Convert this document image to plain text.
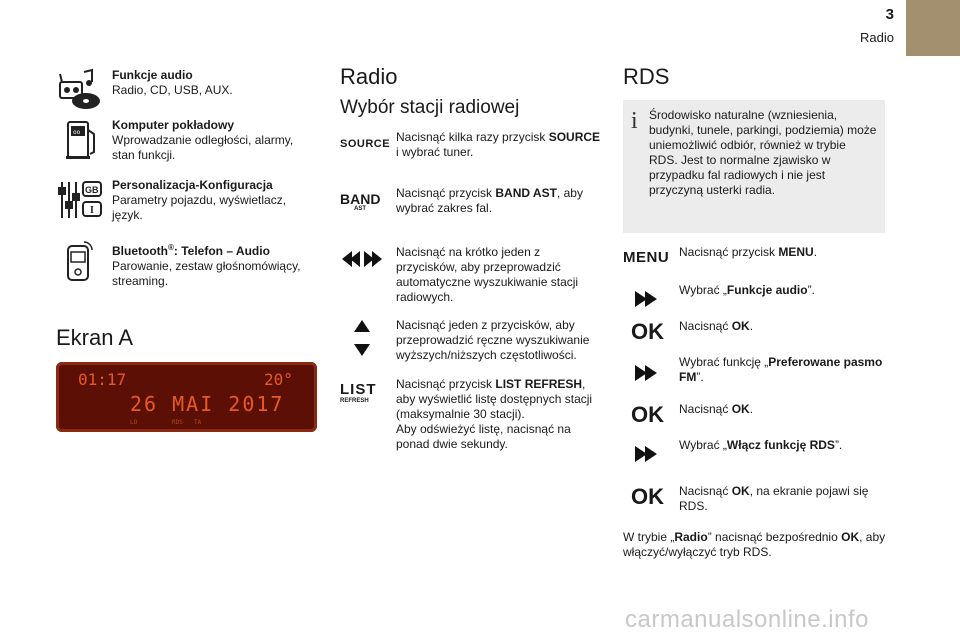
3
Radio
Funkcje audio
Radio, CD, USB, AUX.
oo
Komputer pokładowy
Wprowadzanie odległości, alarmy, stan funkcji.
GB
I
Personalizacja-Konfiguracja
Parametry pojazdu, wyświetlacz, język.
Bluetooth®: Telefon – Audio
Parowanie, zestaw głośnomówiący, streaming.
Ekran A
01:17	20°
26 MAI 2017
LO	RDS TA
Radio
Wybór stacji radiowej
SOURCE Nacisnąć kilka razy przycisk SOURCE i wybrać tuner.
BAND
AST
Nacisnąć przycisk BAND AST, aby wybrać zakres fal.
Nacisnąć na krótko jeden z przycisków, aby przeprowadzić automatyczne wyszukiwanie stacji radiowych.
Nacisnąć jeden z przycisków, aby przeprowadzić ręczne wyszukiwanie wyższych/niższych częstotliwości.
LIST
REFRESH
Nacisnąć przycisk LIST REFRESH, aby wyświetlić listę dostępnych stacji (maksymalnie 30 stacji).
Aby odświeżyć listę, nacisnąć na ponad dwie sekundy.
RDS
i Środowisko naturalne (wzniesienia, budynki, tunele, parkingi, podziemia) może uniemożliwić odbiór, również w trybie RDS. Jest to normalne zjawisko w przypadku fal radiowych i nie jest przyczyną usterki radia.
MENU Nacisnąć przycisk MENU.
Wybrać „Funkcje audio”.
OK	Nacisnąć OK.
Wybrać funkcję „Preferowane pasmo FM”.
OK	Nacisnąć OK.
Wybrać „Włącz funkcję RDS”.
OK	Nacisnąć OK, na ekranie pojawi się RDS.
W trybie „Radio” nacisnąć bezpośrednio OK, aby włączyć/wyłączyć tryb RDS.
carmanualsonline.info
